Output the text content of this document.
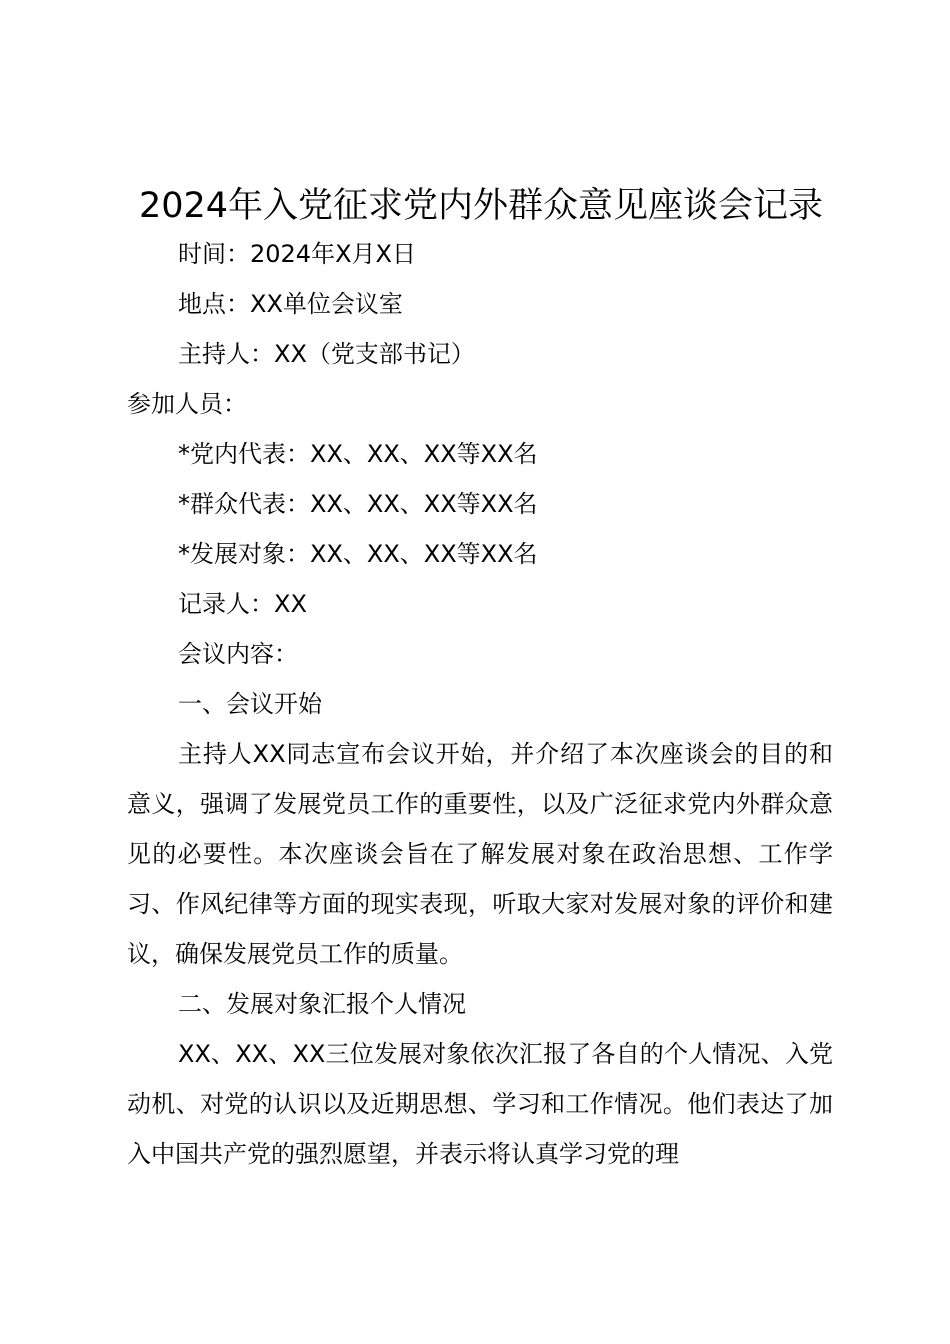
2024年入党征求党内外群众意见座谈会记录
时间：2024年X月X日
地点：XX单位会议室
主持人：XX（党支部书记）
参加人员：
*党内代表：XX、XX、XX等XX名
*群众代表：XX、XX、XX等XX名
*发展对象：XX、XX、XX等XX名
记录人：XX
会议内容：
一、会议开始
主持人XX同志宣布会议开始，并介绍了本次座谈会的目的和意义，强调了发展党员工作的重要性，以及广泛征求党内外群众意见的必要性。本次座谈会旨在了解发展对象在政治思想、工作学习、作风纪律等方面的现实表现，听取大家对发展对象的评价和建议，确保发展党员工作的质量。
二、发展对象汇报个人情况
XX、XX、XX三位发展对象依次汇报了各自的个人情况、入党动机、对党的认识以及近期思想、学习和工作情况。他们表达了加入中国共产党的强烈愿望，并表示将认真学习党的理
